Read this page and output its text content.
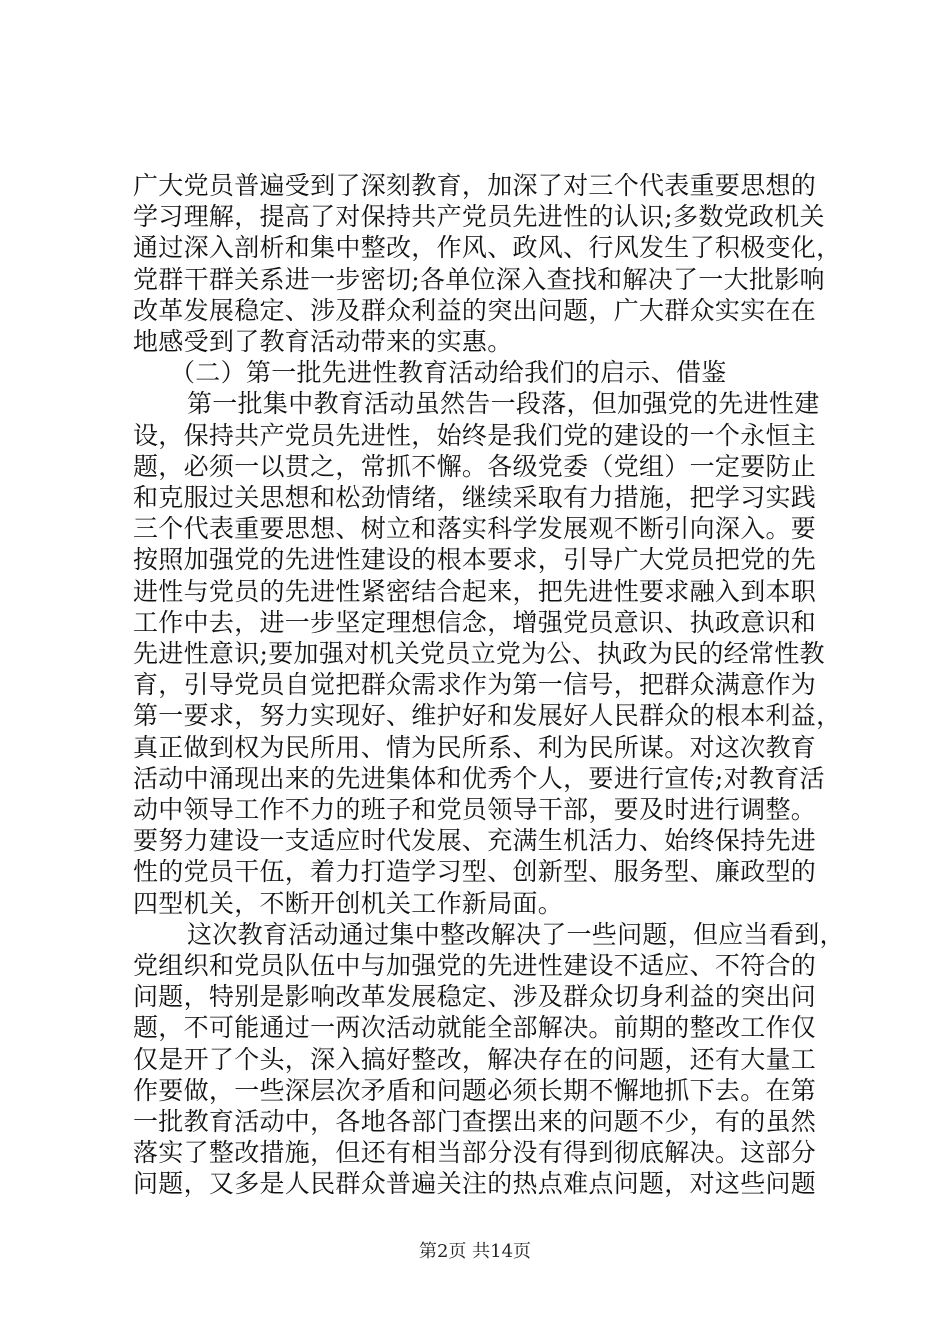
广大党员普遍受到了深刻教育，加深了对三个代表重要思想的
学习理解，提高了对保持共产党员先进性的认识;多数党政机关
通过深入剖析和集中整改，作风、政风、行风发生了积极变化，
党群干群关系进一步密切;各单位深入查找和解决了一大批影响
改革发展稳定、涉及群众利益的突出问题，广大群众实实在在
地感受到了教育活动带来的实惠。
（二）第一批先进性教育活动给我们的启示、借鉴
第一批集中教育活动虽然告一段落，但加强党的先进性建
设，保持共产党员先进性，始终是我们党的建设的一个永恒主
题，必须一以贯之，常抓不懈。各级党委（党组）一定要防止
和克服过关思想和松劲情绪，继续采取有力措施，把学习实践
三个代表重要思想、树立和落实科学发展观不断引向深入。要
按照加强党的先进性建设的根本要求，引导广大党员把党的先
进性与党员的先进性紧密结合起来，把先进性要求融入到本职
工作中去，进一步坚定理想信念，增强党员意识、执政意识和
先进性意识;要加强对机关党员立党为公、执政为民的经常性教
育，引导党员自觉把群众需求作为第一信号，把群众满意作为
第一要求，努力实现好、维护好和发展好人民群众的根本利益，
真正做到权为民所用、情为民所系、利为民所谋。对这次教育
活动中涌现出来的先进集体和优秀个人，要进行宣传;对教育活
动中领导工作不力的班子和党员领导干部，要及时进行调整。
要努力建设一支适应时代发展、充满生机活力、始终保持先进
性的党员干伍，着力打造学习型、创新型、服务型、廉政型的
四型机关，不断开创机关工作新局面。
这次教育活动通过集中整改解决了一些问题，但应当看到，
党组织和党员队伍中与加强党的先进性建设不适应、不符合的
问题，特别是影响改革发展稳定、涉及群众切身利益的突出问
题，不可能通过一两次活动就能全部解决。前期的整改工作仅
仅是开了个头，深入搞好整改，解决存在的问题，还有大量工
作要做，一些深层次矛盾和问题必须长期不懈地抓下去。在第
一批教育活动中，各地各部门查摆出来的问题不少，有的虽然
落实了整改措施，但还有相当部分没有得到彻底解决。这部分
问题，又多是人民群众普遍关注的热点难点问题，对这些问题
第2页 共14页
